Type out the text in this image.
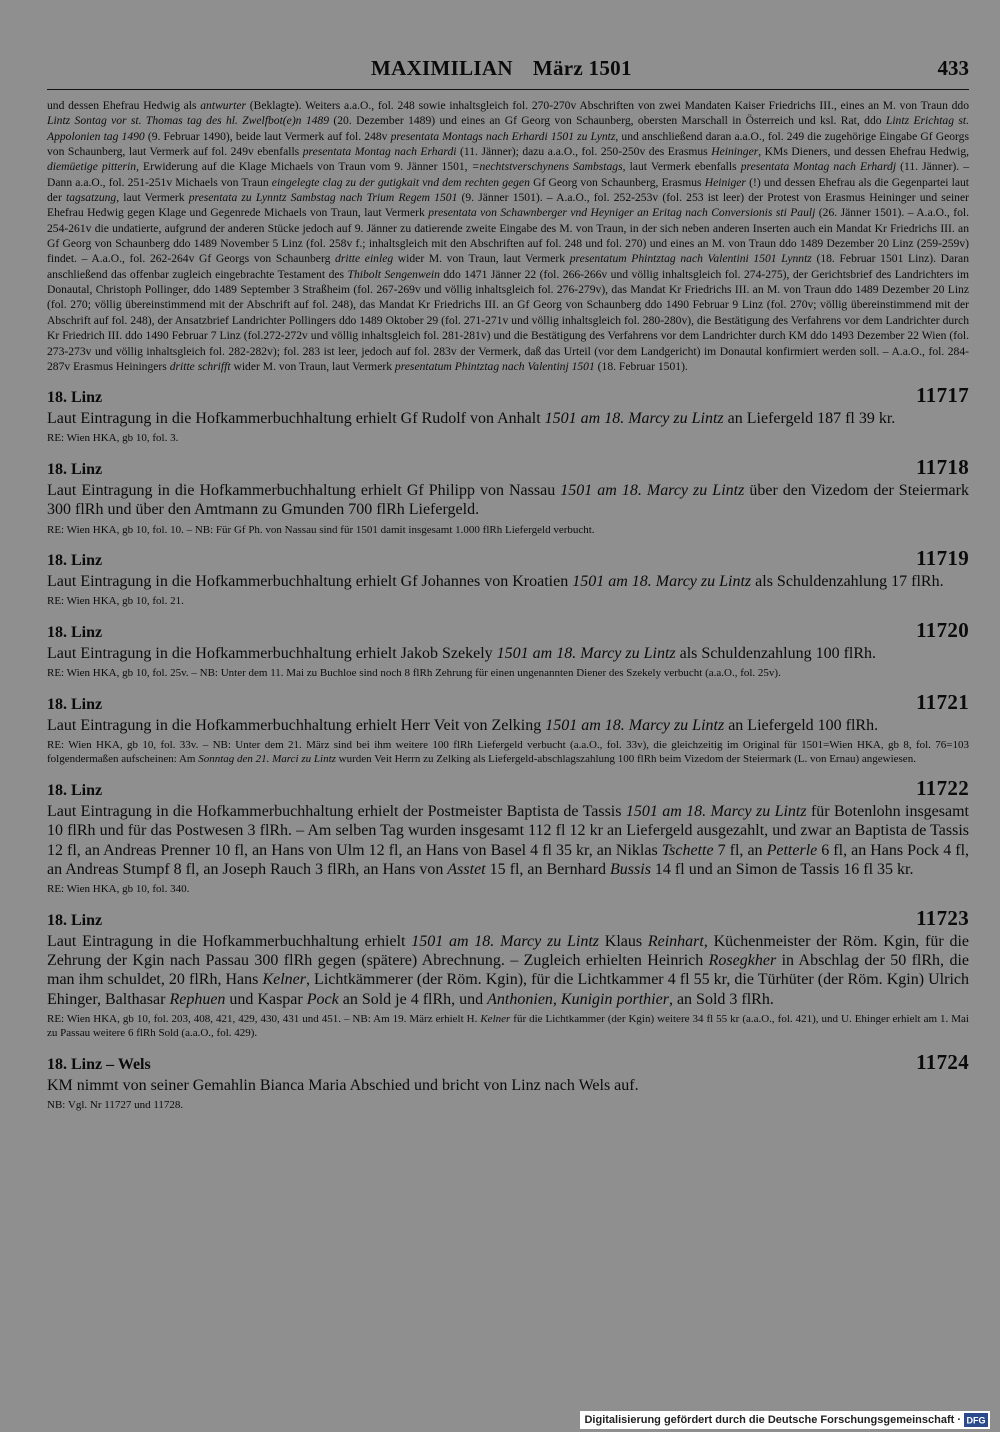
MAXIMILIAN März 1501	433
und dessen Ehefrau Hedwig als antwurter (Beklagte). Weiters a.a.O., fol. 248 sowie inhaltsgleich fol. 270-270v Abschriften von zwei Mandaten Kaiser Friedrichs III., eines an M. von Traun ddo Lintz Sontag vor st. Thomas tag des hl. Zwelfbot(e)n 1489 (20. Dezember 1489) und eines an Gf Georg von Schaunberg, obersten Marschall in Österreich und ksl. Rat, ddo Lintz Erichtag st. Appolonien tag 1490 (9. Februar 1490), beide laut Vermerk auf fol. 248v presentata Montags nach Erhardi 1501 zu Lyntz, und anschließend daran a.a.O., fol. 249 die zugehörige Eingabe Gf Georgs von Schaunberg, laut Vermerk auf fol. 249v ebenfalls presentata Montag nach Erhardi (11. Jänner); dazu a.a.O., fol. 250-250v des Erasmus Heininger, KMs Dieners, und dessen Ehefrau Hedwig, diemüetige pitterin, Erwiderung auf die Klage Michaels von Traun vom 9. Jänner 1501, =nechtstverschynens Sambstags, laut Vermerk ebenfalls presentata Montag nach Erhardj (11. Jänner). – Dann a.a.O., fol. 251-251v Michaels von Traun eingelegte clag zu der gutigkait vnd dem rechten gegen Gf Georg von Schaunberg, Erasmus Heiniger (!) und dessen Ehefrau als die Gegenpartei laut der tagsatzung, laut Vermerk presentata zu Lynntz Sambstag nach Trium Regem 1501 (9. Jänner 1501). – A.a.O., fol. 252-253v (fol. 253 ist leer) der Protest von Erasmus Heininger und seiner Ehefrau Hedwig gegen Klage und Gegenrede Michaels von Traun, laut Vermerk presentata von Schawnberger vnd Heyniger an Eritag nach Conversionis sti Paulj (26. Jänner 1501). – A.a.O., fol. 254-261v die undatierte, aufgrund der anderen Stücke jedoch auf 9. Jänner zu datierende zweite Eingabe des M. von Traun, in der sich neben anderen Inserten auch ein Mandat Kr Friedrichs III. an Gf Georg von Schaunberg ddo 1489 November 5 Linz (fol. 258v f.; inhaltsgleich mit den Abschriften auf fol. 248 und fol. 270) und eines an M. von Traun ddo 1489 Dezember 20 Linz (259-259v) findet. – A.a.O., fol. 262-264v Gf Georgs von Schaunberg dritte einleg wider M. von Traun, laut Vermerk presentatum Phintztag nach Valentini 1501 Lynntz (18. Februar 1501 Linz). Daran anschließend das offenbar zugleich eingebrachte Testament des Thibolt Sengenwein ddo 1471 Jänner 22 (fol. 266-266v und völlig inhaltsgleich fol. 274-275), der Gerichtsbrief des Landrichters im Donautal, Christoph Pollinger, ddo 1489 September 3 Straßheim (fol. 267-269v und völlig inhaltsgleich fol. 276-279v), das Mandat Kr Friedrichs III. an M. von Traun ddo 1489 Dezember 20 Linz (fol. 270; völlig übereinstimmend mit der Abschrift auf fol. 248), das Mandat Kr Friedrichs III. an Gf Georg von Schaunberg ddo 1490 Februar 9 Linz (fol. 270v; völlig übereinstimmend mit der Abschrift auf fol. 248), der Ansatzbrief Landrichter Pollingers ddo 1489 Oktober 29 (fol. 271-271v und völlig inhaltsgleich fol. 280-280v), die Bestätigung des Verfahrens vor dem Landrichter durch Kr Friedrich III. ddo 1490 Februar 7 Linz (fol.272-272v und völlig inhaltsgleich fol. 281-281v) und die Bestätigung des Verfahrens vor dem Landrichter durch KM ddo 1493 Dezember 22 Wien (fol. 273-273v und völlig inhaltsgleich fol. 282-282v); fol. 283 ist leer, jedoch auf fol. 283v der Vermerk, daß das Urteil (vor dem Landgericht) im Donautal konfirmiert werden soll. – A.a.O., fol. 284-287v Erasmus Heiningers dritte schrifft wider M. von Traun, laut Vermerk presentatum Phintztag nach Valentinj 1501 (18. Februar 1501).
18. Linz	11717
Laut Eintragung in die Hofkammerbuchhaltung erhielt Gf Rudolf von Anhalt 1501 am 18. Marcy zu Lintz an Liefergeld 187 fl 39 kr.
RE: Wien HKA, gb 10, fol. 3.
18. Linz	11718
Laut Eintragung in die Hofkammerbuchhaltung erhielt Gf Philipp von Nassau 1501 am 18. Marcy zu Lintz über den Vizedom der Steiermark 300 flRh und über den Amtmann zu Gmunden 700 flRh Liefergeld.
RE: Wien HKA, gb 10, fol. 10. – NB: Für Gf Ph. von Nassau sind für 1501 damit insgesamt 1.000 flRh Liefergeld verbucht.
18. Linz	11719
Laut Eintragung in die Hofkammerbuchhaltung erhielt Gf Johannes von Kroatien 1501 am 18. Marcy zu Lintz als Schuldenzahlung 17 flRh.
RE: Wien HKA, gb 10, fol. 21.
18. Linz	11720
Laut Eintragung in die Hofkammerbuchhaltung erhielt Jakob Szekely 1501 am 18. Marcy zu Lintz als Schuldenzahlung 100 flRh.
RE: Wien HKA, gb 10, fol. 25v. – NB: Unter dem 11. Mai zu Buchloe sind noch 8 flRh Zehrung für einen ungenannten Diener des Szekely verbucht (a.a.O., fol. 25v).
18. Linz	11721
Laut Eintragung in die Hofkammerbuchhaltung erhielt Herr Veit von Zelking 1501 am 18. Marcy zu Lintz an Liefergeld 100 flRh.
RE: Wien HKA, gb 10, fol. 33v. – NB: Unter dem 21. März sind bei ihm weitere 100 flRh Liefergeld verbucht (a.a.O., fol. 33v), die gleichzeitig im Original für 1501=Wien HKA, gb 8, fol. 76=103 folgendermaßen aufscheinen: Am Sonntag den 21. Marci zu Lintz wurden Veit Herrn zu Zelking als Liefergeld-abschlagszahlung 100 flRh beim Vizedom der Steiermark (L. von Ernau) angewiesen.
18. Linz	11722
Laut Eintragung in die Hofkammerbuchhaltung erhielt der Postmeister Baptista de Tassis 1501 am 18. Marcy zu Lintz für Botenlohn insgesamt 10 flRh und für das Postwesen 3 flRh. – Am selben Tag wurden insgesamt 112 fl 12 kr an Liefergeld ausgezahlt, und zwar an Baptista de Tassis 12 fl, an Andreas Prenner 10 fl, an Hans von Ulm 12 fl, an Hans von Basel 4 fl 35 kr, an Niklas Tschette 7 fl, an Petterle 6 fl, an Hans Pock 4 fl, an Andreas Stumpf 8 fl, an Joseph Rauch 3 flRh, an Hans von Asstet 15 fl, an Bernhard Bussis 14 fl und an Simon de Tassis 16 fl 35 kr.
RE: Wien HKA, gb 10, fol. 340.
18. Linz	11723
Laut Eintragung in die Hofkammerbuchhaltung erhielt 1501 am 18. Marcy zu Lintz Klaus Reinhart, Küchenmeister der Röm. Kgin, für die Zehrung der Kgin nach Passau 300 flRh gegen (spätere) Abrechnung. – Zugleich erhielten Heinrich Rosegkher in Abschlag der 50 flRh, die man ihm schuldet, 20 flRh, Hans Kelner, Lichtkämmerer (der Röm. Kgin), für die Lichtkammer 4 fl 55 kr, die Türhüter (der Röm. Kgin) Ulrich Ehinger, Balthasar Rephuen und Kaspar Pock an Sold je 4 flRh, und Anthonien, Kunigin porthier, an Sold 3 flRh.
RE: Wien HKA, gb 10, fol. 203, 408, 421, 429, 430, 431 und 451. – NB: Am 19. März erhielt H. Kelner für die Lichtkammer (der Kgin) weitere 34 fl 55 kr (a.a.O., fol. 421), und U. Ehinger erhielt am 1. Mai zu Passau weitere 6 flRh Sold (a.a.O., fol. 429).
18. Linz – Wels	11724
KM nimmt von seiner Gemahlin Bianca Maria Abschied und bricht von Linz nach Wels auf.
NB: Vgl. Nr 11727 und 11728.
Digitalisierung gefördert durch die Deutsche Forschungsgemeinschaft · DFG
